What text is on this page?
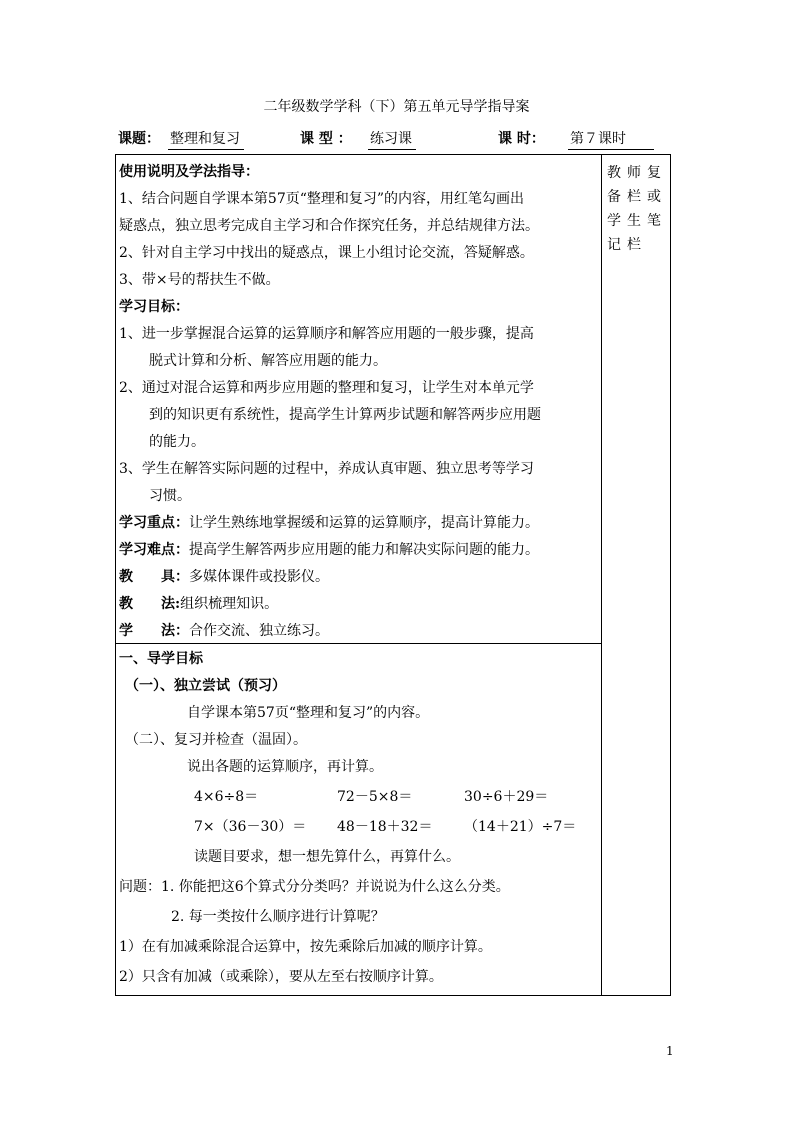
二年级数学学科（下）第五单元导学指导案
课题： 整理和复习	课 型 ： 练习课	课 时： 第７课时
教师复备栏或学生笔记栏
使用说明及学法指导：
1、结合问题自学课本第57页“整理和复习”的内容，用红笔勾画出
疑惑点，独立思考完成自主学习和合作探究任务，并总结规律方法。
2、针对自主学习中找出的疑惑点，课上小组讨论交流，答疑解惑。
3、带×号的帮扶生不做。
学习目标：
1、进一步掌握混合运算的运算顺序和解答应用题的一般步骤，提高
脱式计算和分析、解答应用题的能力。
2、通过对混合运算和两步应用题的整理和复习，让学生对本单元学
到的知识更有系统性，提高学生计算两步试题和解答两步应用题
的能力。
3、学生在解答实际问题的过程中，养成认真审题、独立思考等学习
习惯。
学习重点：让学生熟练地掌握缓和运算的运算顺序，提高计算能力。
学习难点：提高学生解答两步应用题的能力和解决实际问题的能力。
教　　具：多媒体课件或投影仪。
教　　法:组织梳理知识。
学　　法：合作交流、独立练习。
一、导学目标
（一）、独立尝试（预习）
自学课本第57页“整理和复习”的内容。
（二）、复习并检查（温固）。
说出各题的运算顺序，再计算。
4×6÷8＝	72－5×8＝	30÷6＋29＝
7×（36－30）＝ 48－18＋32＝ （14＋21）÷7＝
读题目要求，想一想先算什么，再算什么。
问题：1. 你能把这6个算式分分类吗？并说说为什么这么分类。
2. 每一类按什么顺序进行计算呢？
1）在有加减乘除混合运算中，按先乘除后加减的顺序计算。
2）只含有加减（或乘除），要从左至右按顺序计算。
1
